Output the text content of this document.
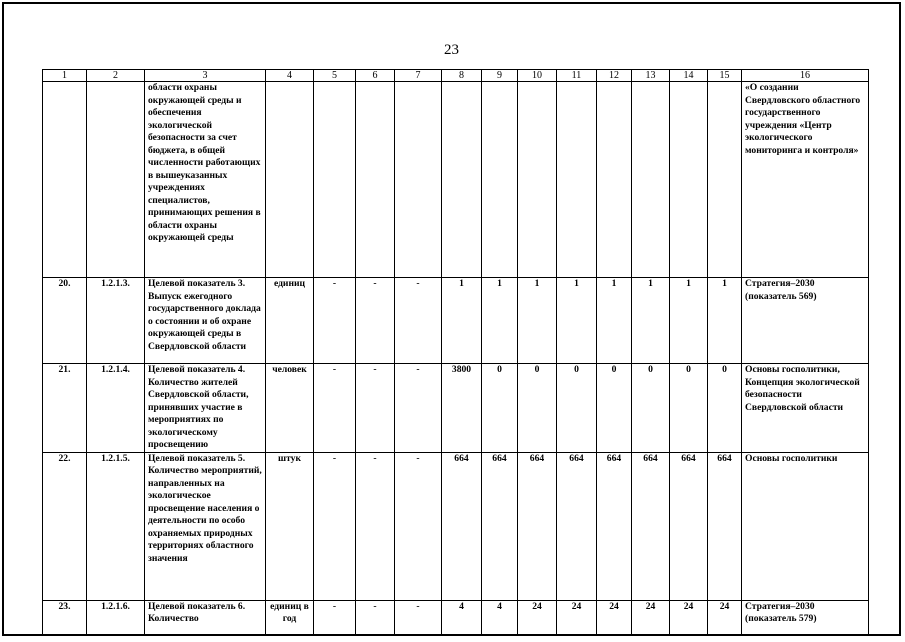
23
1	2	3	4	5	6	7	8	9	10	11	12	13	14	15	16
		области охраны окружающей среды и обеспечения экологической безопасности за счет бюджета, в общей численности работающих в вышеуказанных учреждениях специалистов, принимающих решения в области охраны окружающей среды													«О создании Свердловского областного государственного учреждения «Центр экологического мониторинга и контроля»
20.	1.2.1.3.	Целевой показатель 3. Выпуск ежегодного государственного доклада о состоянии и об охране окружающей среды в Свердловской области	единиц	-	-	-	1	1	1	1	1	1	1	1	Стратегия–2030 (показатель 569)
21.	1.2.1.4.	Целевой показатель 4. Количество жителей Свердловской области, принявших участие в мероприятиях по экологическому просвещению	человек	-	-	-	3800	0	0	0	0	0	0	0	Основы госполитики, Концепция экологической безопасности Свердловской области
22.	1.2.1.5.	Целевой показатель 5. Количество мероприятий, направленных на экологическое просвещение населения о деятельности по особо охраняемых природных территориях областного значения	штук	-	-	-	664	664	664	664	664	664	664	664	Основы госполитики
23.	1.2.1.6.	Целевой показатель 6. Количество	единиц в год	-	-	-	4	4	24	24	24	24	24	24	Стратегия–2030 (показатель 579)
